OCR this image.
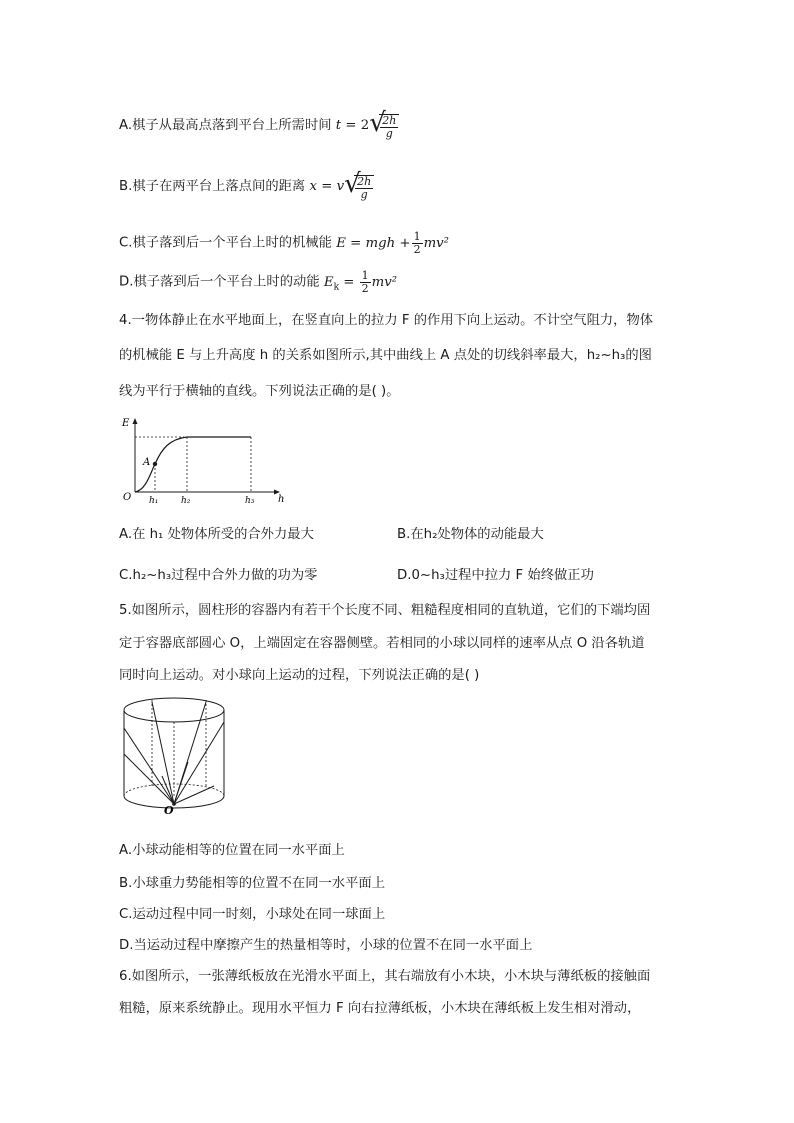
A.棋子从最高点落到平台上所需时间 t = 2 √
$\frac{2h}{g}$
B.棋子在两平台上落点间的距离 x = v √
$\frac{2h}{g}$
C.棋子落到后一个平台上时的机械能 E = mgh + $\frac{1}{2} mv^2$
D.棋子落到后一个平台上时的动能 $E_k = \frac{1}{2} mv^2$
4.一物体静止在水平地面上，在竖直向上的拉力 F 的作用下向上运动。不计空气阻力，物体
的机械能 E 与上升高度 h 的关系如图所示,其中曲线上 A 点处的切线斜率最大，h₂~h₃的图
线为平行于横轴的直线。下列说法正确的是( )。
E
h
O
A
h₁	h₂	h₃
A.在 h₁ 处物体所受的合外力最大	B.在h₂处物体的动能最大
C.h₂~h₃过程中合外力做的功为零	D.0~h₃过程中拉力 F 始终做正功
5.如图所示，圆柱形的容器内有若干个长度不同、粗糙程度相同的直轨道，它们的下端均固
定于容器底部圆心 O，上端固定在容器侧壁。若相同的小球以同样的速率从点 O 沿各轨道
同时向上运动。对小球向上运动的过程，下列说法正确的是( )
O
A.小球动能相等的位置在同一水平面上
B.小球重力势能相等的位置不在同一水平面上
C.运动过程中同一时刻，小球处在同一球面上
D.当运动过程中摩擦产生的热量相等时，小球的位置不在同一水平面上
6.如图所示，一张薄纸板放在光滑水平面上，其右端放有小木块，小木块与薄纸板的接触面
粗糙，原来系统静止。现用水平恒力 F 向右拉薄纸板，小木块在薄纸板上发生相对滑动，
